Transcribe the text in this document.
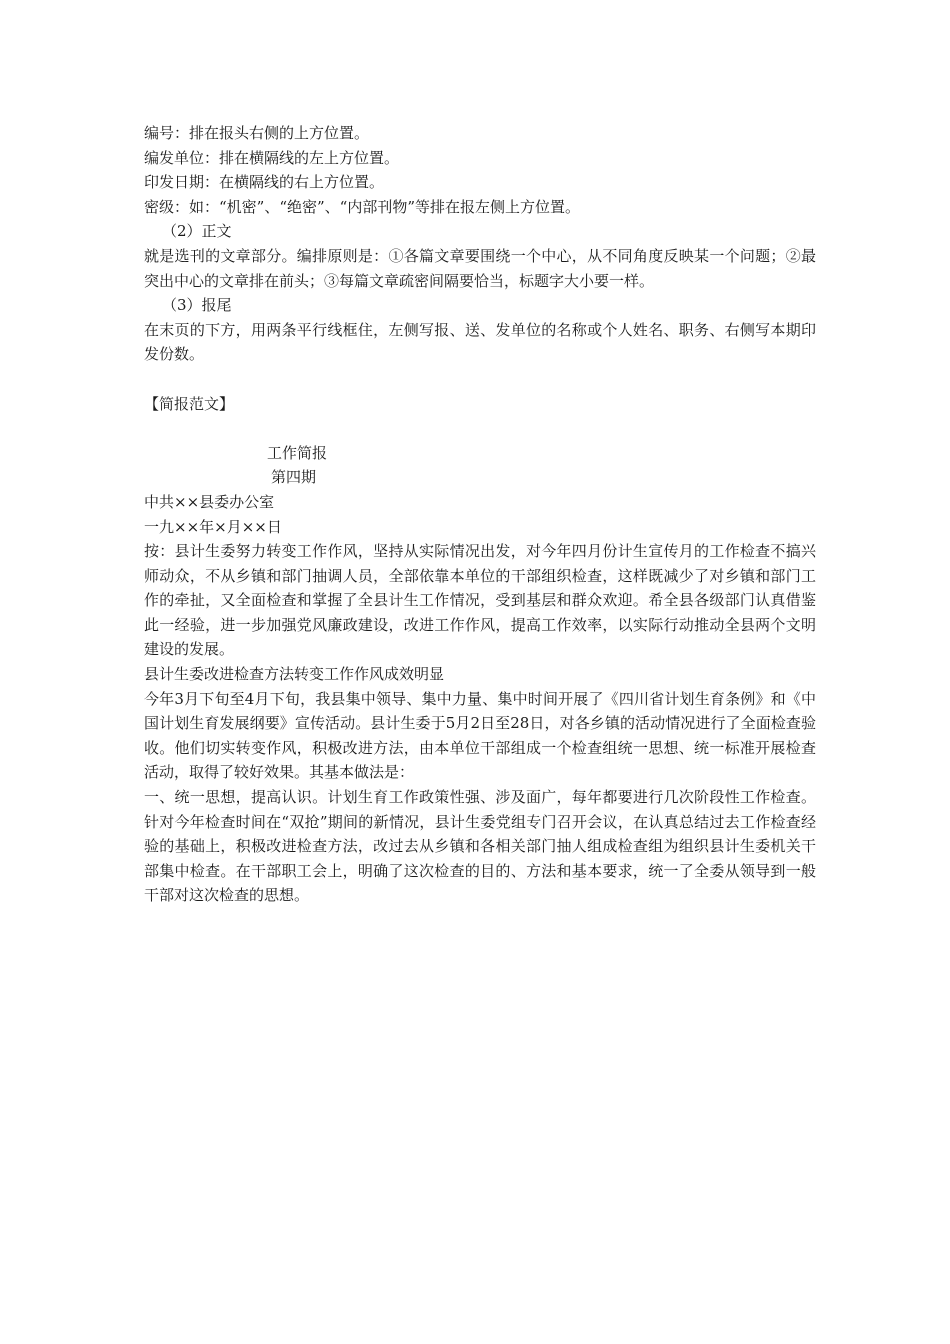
编号：排在报头右侧的上方位置。
编发单位：排在横隔线的左上方位置。
印发日期：在横隔线的右上方位置。
密级：如：“机密”、“绝密”、“内部刊物”等排在报左侧上方位置。
（2）正文
就是选刊的文章部分。编排原则是：①各篇文章要围绕一个中心，从不同角度反映某一个问题；②最突出中心的文章排在前头；③每篇文章疏密间隔要恰当，标题字大小要一样。
（3）报尾
在末页的下方，用两条平行线框住，左侧写报、送、发单位的名称或个人姓名、职务、右侧写本期印发份数。
【简报范文】
工作简报
第四期
中共××县委办公室
一九××年×月××日
按：县计生委努力转变工作作风，坚持从实际情况出发，对今年四月份计生宣传月的工作检查不搞兴师动众，不从乡镇和部门抽调人员，全部依靠本单位的干部组织检查，这样既减少了对乡镇和部门工作的牵扯，又全面检查和掌握了全县计生工作情况，受到基层和群众欢迎。希全县各级部门认真借鉴此一经验，进一步加强党风廉政建设，改进工作作风，提高工作效率，以实际行动推动全县两个文明建设的发展。
县计生委改进检查方法转变工作作风成效明显
今年3月下旬至4月下旬，我县集中领导、集中力量、集中时间开展了《四川省计划生育条例》和《中国计划生育发展纲要》宣传活动。县计生委于5月2日至28日，对各乡镇的活动情况进行了全面检查验收。他们切实转变作风，积极改进方法，由本单位干部组成一个检查组统一思想、统一标准开展检查活动，取得了较好效果。其基本做法是：
一、统一思想，提高认识。计划生育工作政策性强、涉及面广，每年都要进行几次阶段性工作检查。针对今年检查时间在“双抢”期间的新情况，县计生委党组专门召开会议，在认真总结过去工作检查经验的基础上，积极改进检查方法，改过去从乡镇和各相关部门抽人组成检查组为组织县计生委机关干部集中检查。在干部职工会上，明确了这次检查的目的、方法和基本要求，统一了全委从领导到一般干部对这次检查的思想。
